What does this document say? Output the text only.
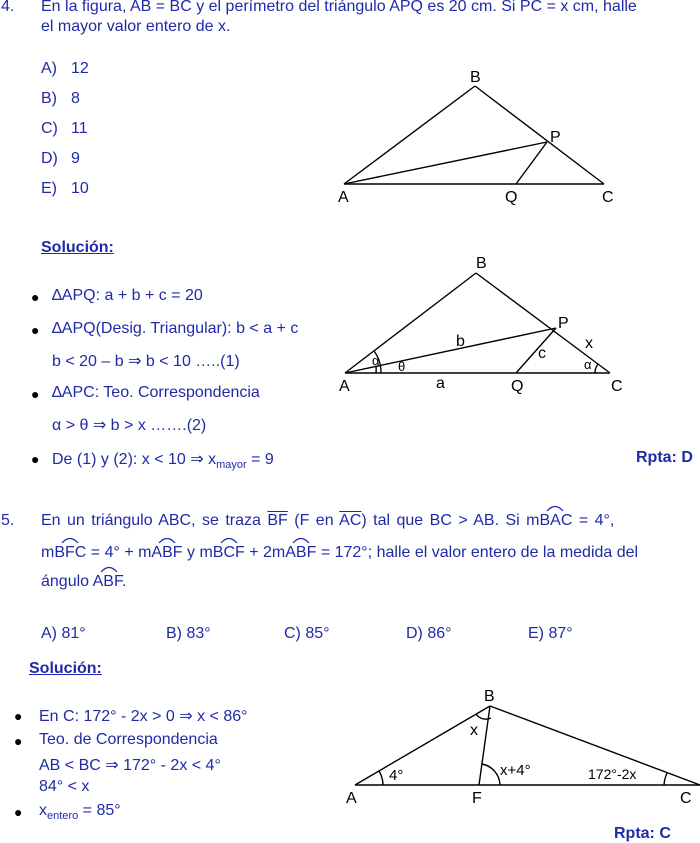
4. En la figura, AB = BC y el perímetro del triángulo APQ es 20 cm. Si PC = x cm, halle
el mayor valor entero de x.
A) 12
B) 8
C) 11
D) 9
E) 10
B
P
A	Q	C
Solución:
● ∆APQ: a + b + c = 20
● ∆APQ(Desig. Triangular): b < a + c
b < 20 – b ⇒ b < 10 …..(1)
● ∆APC: Teo. Correspondencia
α > θ ⇒ b > x …….(2)
● De (1) y (2): x < 10 ⇒ $x_{mayor} = 9$
B
P
A	Q	C
a
b
c
x
α θ	α
Rpta: D
5. En un triángulo ABC, se traza $\overline{BF}$ (F en $\overline{AC}$) tal que BC > AB. Si mB
AC = 4°,
mB
FC = 4° + mA
BF y mB
CF + 2mA
BF = 172°; halle el valor entero de la medida del
ángulo A
BF.
A) 81°	B) 83°	C) 85°	D) 86°	E) 87°
Solución:
● En C: 172° - 2x > 0 ⇒ x < 86°
● Teo. de Correspondencia
AB < BC ⇒ 172° - 2x < 4°
84° < x
● $x_{entero} = 85^\circ$
B
A	F	C
x
4°	x+4°	172°-2x
Rpta: C
